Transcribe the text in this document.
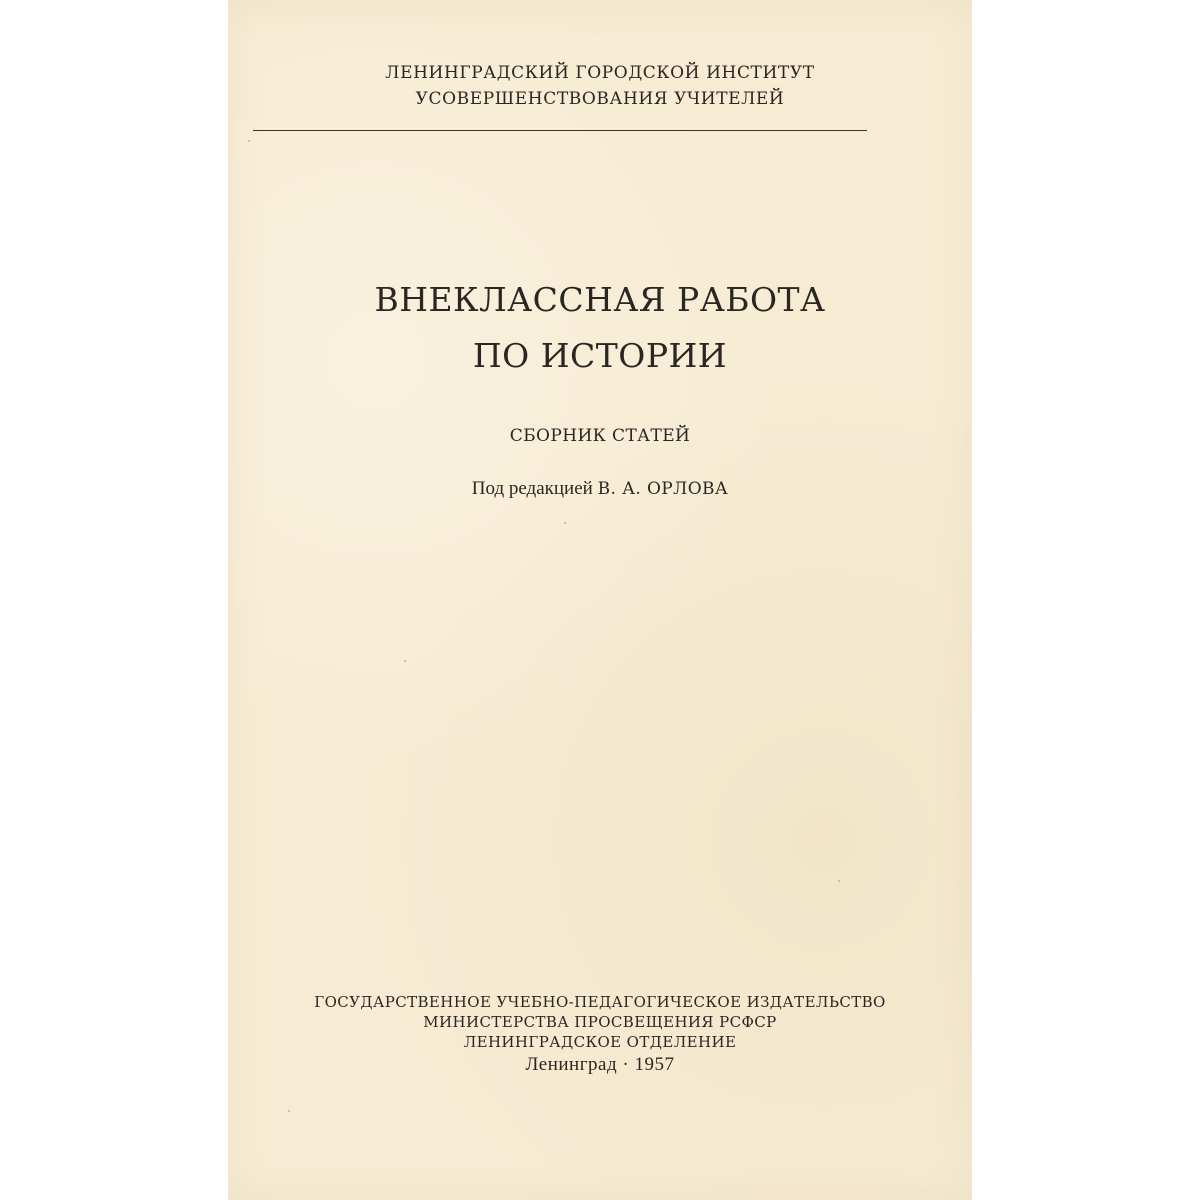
ЛЕНИНГРАДСКИЙ ГОРОДСКОЙ ИНСТИТУТ
УСОВЕРШЕНСТВОВАНИЯ УЧИТЕЛЕЙ
ВНЕКЛАССНАЯ РАБОТА
ПО ИСТОРИИ
СБОРНИК СТАТЕЙ
Под редакцией В. А. ОРЛОВА
ГОСУДАРСТВЕННОЕ УЧЕБНО-ПЕДАГОГИЧЕСКОЕ ИЗДАТЕЛЬСТВО
МИНИСТЕРСТВА ПРОСВЕЩЕНИЯ РСФСР
ЛЕНИНГРАДСКОЕ ОТДЕЛЕНИЕ
Ленинград · 1957
